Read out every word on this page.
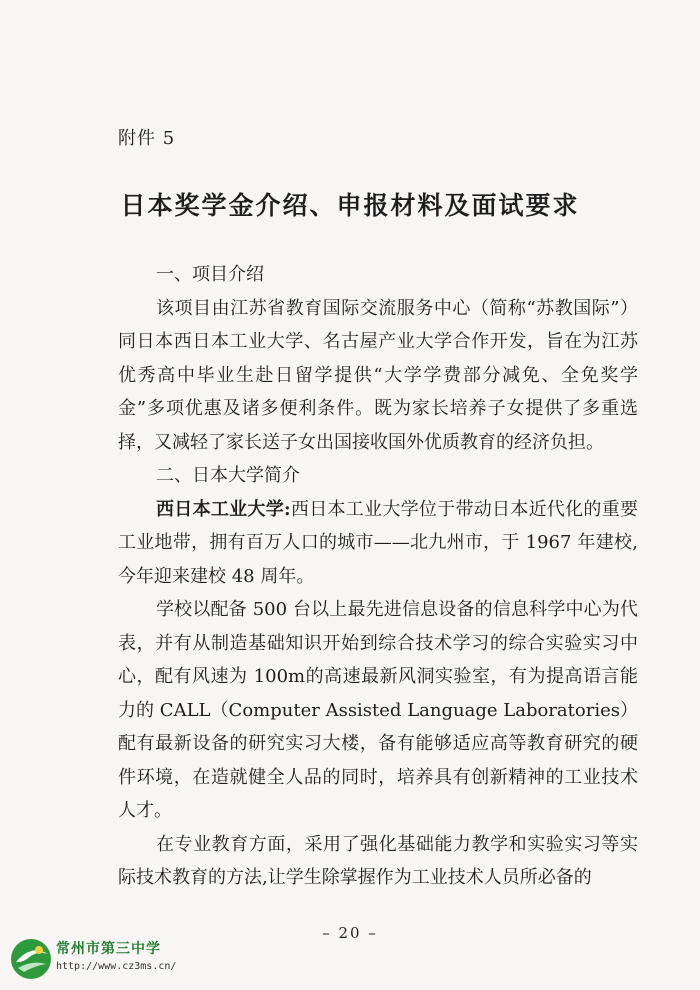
附件 5
日本奖学金介绍、申报材料及面试要求

一、项目介绍

该项目由江苏省教育国际交流服务中心（简称“苏教国际”）同日本西日本工业大学、名古屋产业大学合作开发，旨在为江苏优秀高中毕业生赴日留学提供“大学学费部分减免、全免奖学金”多项优惠及诸多便利条件。既为家长培养子女提供了多重选择，又减轻了家长送子女出国接收国外优质教育的经济负担。

二、日本大学简介

西日本工业大学:西日本工业大学位于带动日本近代化的重要工业地带，拥有百万人口的城市——北九州市，于 1967 年建校,今年迎来建校 48 周年。

学校以配备 500 台以上最先进信息设备的信息科学中心为代表，并有从制造基础知识开始到综合技术学习的综合实验实习中心，配有风速为 100m的高速最新风洞实验室，有为提高语言能力的 CALL（Computer Assisted Language Laboratories）配有最新设备的研究实习大楼，备有能够适应高等教育研究的硬件环境，在造就健全人品的同时，培养具有创新精神的工业技术人才。

在专业教育方面，采用了强化基础能力教学和实验实习等实际技术教育的方法,让学生除掌握作为工业技术人员所必备的

– 20 –
常州市第三中学
http://www.cz3ms.cn/
